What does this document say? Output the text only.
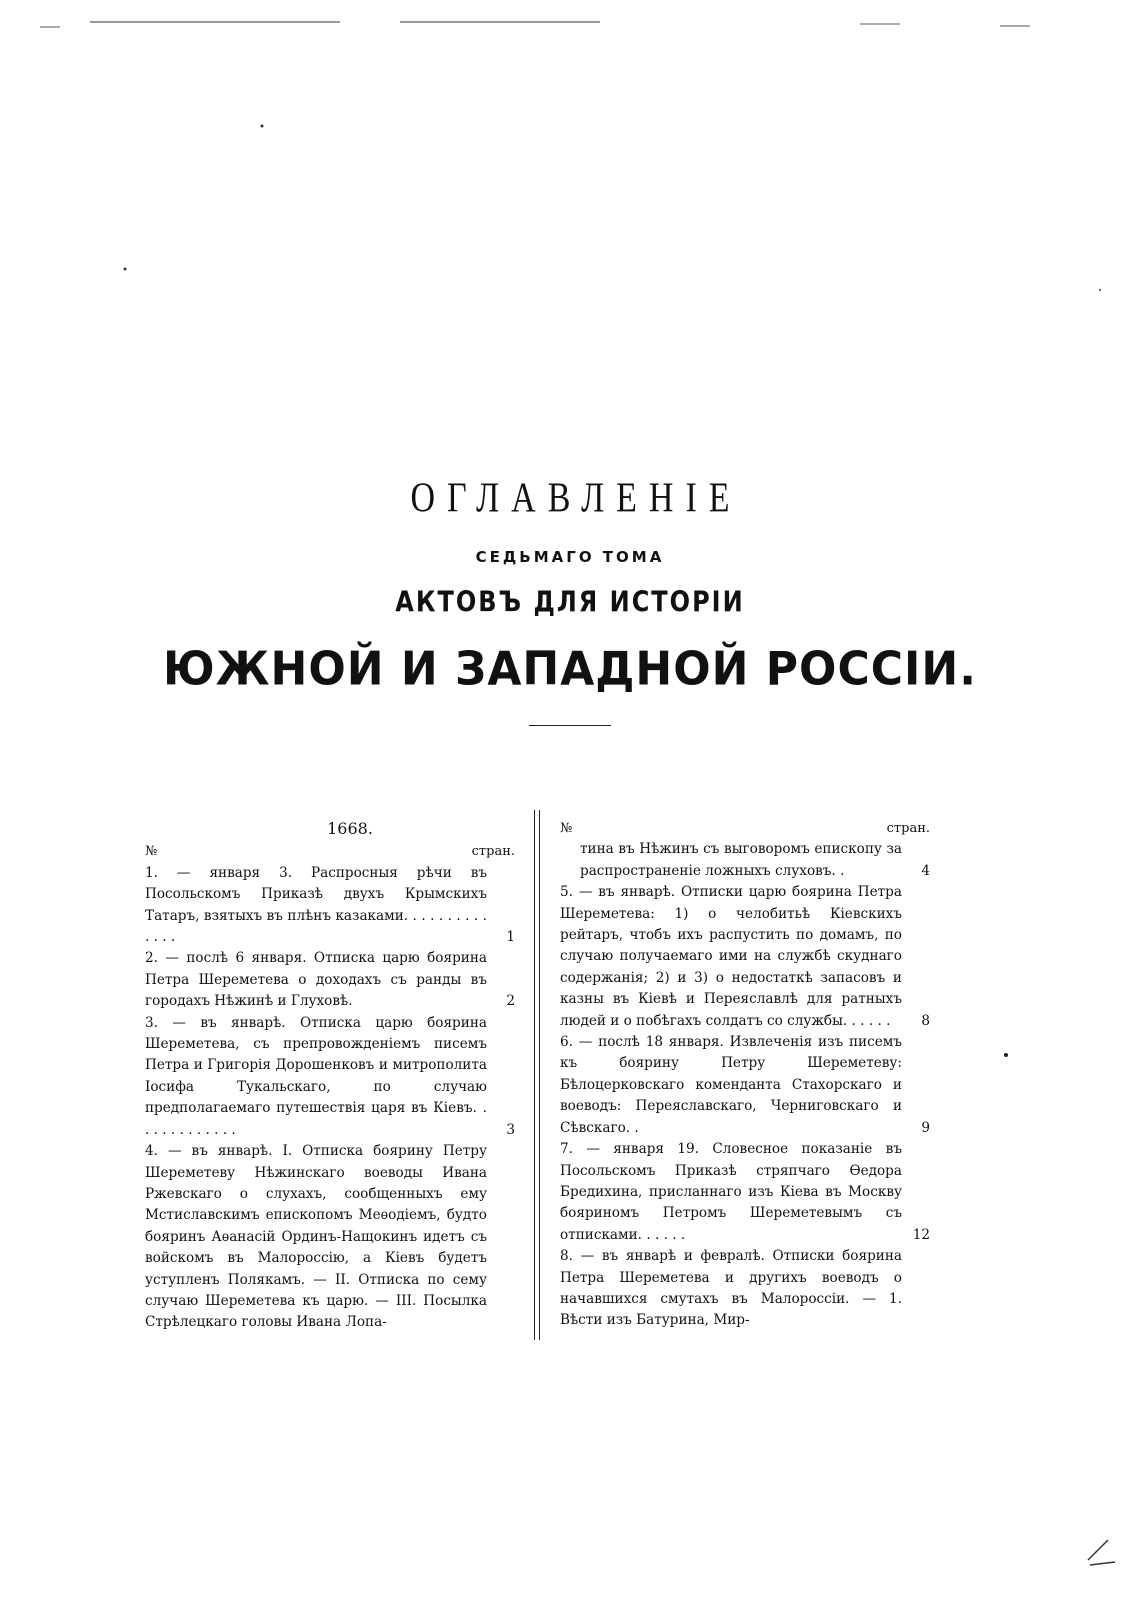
ОГЛАВЛЕНІЕ
СЕДЬМАГО ТОМА
АКТОВЪ ДЛЯ ИСТОРІИ
ЮЖНОЙ И ЗАПАДНОЙ РОССІИ.
1668.
№	стран.
1. — января 3. Распросныя рѣчи въ Посольскомъ Приказѣ двухъ Крымскихъ Татаръ, взятыхъ въ плѣнъ казаками. . . . . . . . . . . . . .	1
2. — послѣ 6 января. Отписка царю боярина Петра Шереметева о доходахъ съ ранды въ городахъ Нѣжинѣ и Глуховѣ.	2
3. — въ январѣ. Отписка царю боярина Шереметева, съ препровожденіемъ писемъ Петра и Григорія Дорошенковъ и митрополита Іосифа Тукальскаго, по случаю предполагаемаго путешествія царя въ Кіевъ. . . . . . . . . . . . .	3
4. — въ январѣ. I. Отписка боярину Петру Шереметеву Нѣжинскаго воеводы Ивана Ржевскаго о слухахъ, сообщенныхъ ему Мстиславскимъ епископомъ Меѳодіемъ, будто бояринъ Аѳанасій Ординъ-Нащокинъ идетъ съ войскомъ въ Малороссію, а Кіевъ будетъ уступленъ Полякамъ. — II. Отписка по сему случаю Шереметева къ царю. — III. Посылка Стрѣлецкаго головы Ивана Лопа-
№	стран.
тина въ Нѣжинъ съ выговоромъ епископу за распространеніе ложныхъ слуховъ. .	4
5. — въ январѣ. Отписки царю боярина Петра Шереметева: 1) о челобитьѣ Кіевскихъ рейтаръ, чтобъ ихъ распустить по домамъ, по случаю получаемаго ими на службѣ скуднаго содержанія; 2) и 3) о недостаткѣ запасовъ и казны въ Кіевѣ и Переяславлѣ для ратныхъ людей и о побѣгахъ солдатъ со службы. . . . . .	8
6. — послѣ 18 января. Извлеченія изъ писемъ къ боярину Петру Шереметеву: Бѣлоцерковскаго коменданта Стахорскаго и воеводъ: Переяславскаго, Черниговскаго и Сѣвскаго. .	9
7. — января 19. Словесное показаніе въ Посольскомъ Приказѣ стряпчаго Ѳедора Бредихина, присланнаго изъ Кіева въ Москву бояриномъ Петромъ Шереметевымъ съ отписками. . . . . .	12
8. — въ январѣ и февралѣ. Отписки боярина Петра Шереметева и другихъ воеводъ о начавшихся смутахъ въ Малороссіи. — 1. Вѣсти изъ Батурина, Мир-
